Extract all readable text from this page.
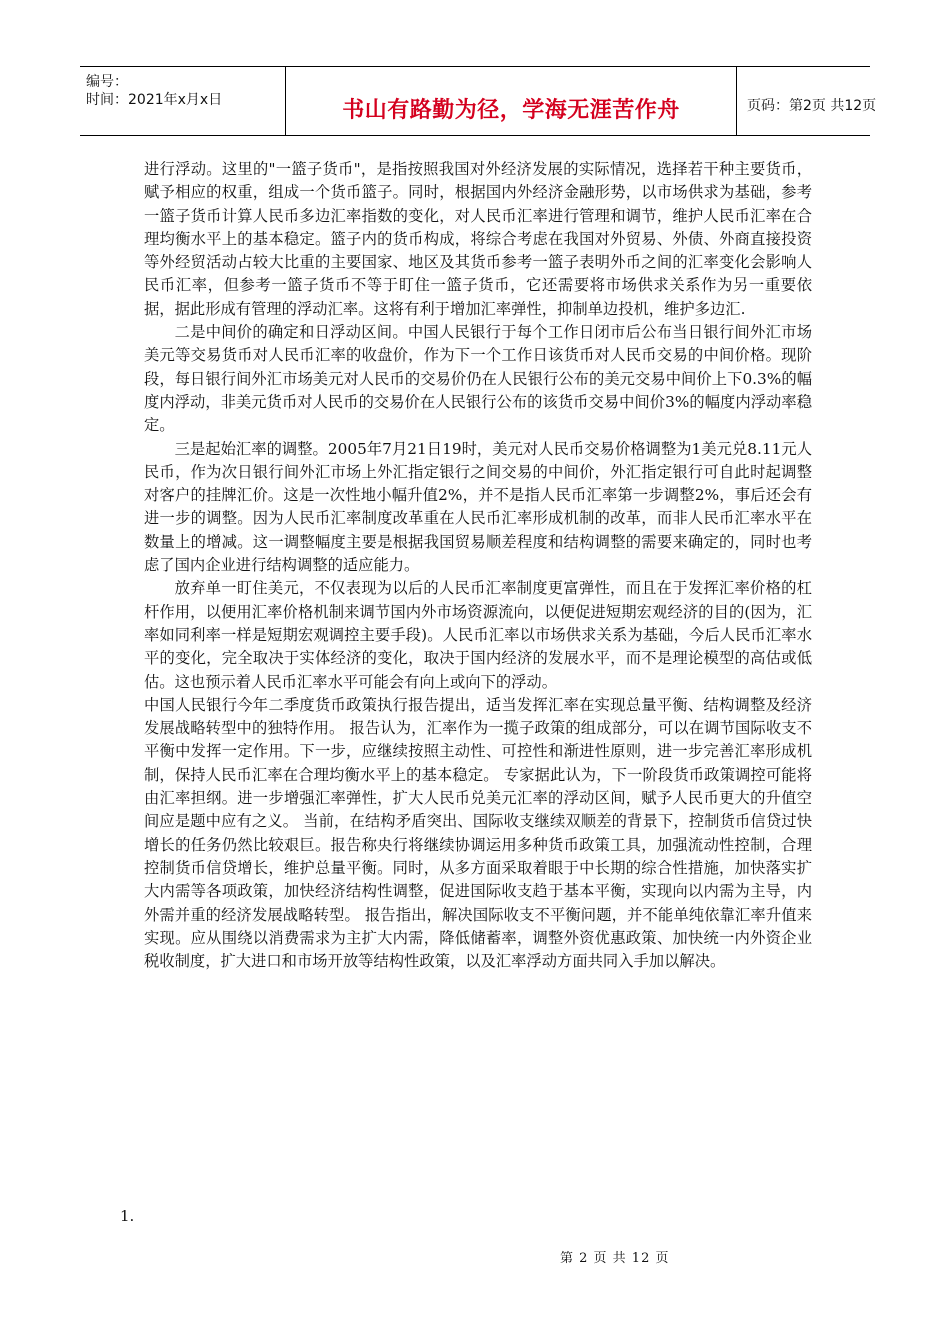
编号：
时间：2021年x月x日	书山有路勤为径，学海无涯苦作舟	页码：第2页 共12页

进行浮动。这里的"一篮子货币"，是指按照我国对外经济发展的实际情况，选择若干种主要货币，赋予相应的权重，组成一个货币篮子。同时，根据国内外经济金融形势，以市场供求为基础，参考一篮子货币计算人民币多边汇率指数的变化，对人民币汇率进行管理和调节，维护人民币汇率在合理均衡水平上的基本稳定。篮子内的货币构成，将综合考虑在我国对外贸易、外债、外商直接投资等外经贸活动占较大比重的主要国家、地区及其货币参考一篮子表明外币之间的汇率变化会影响人民币汇率，但参考一篮子货币不等于盯住一篮子货币，它还需要将市场供求关系作为另一重要依据，据此形成有管理的浮动汇率。这将有利于增加汇率弹性，抑制单边投机，维护多边汇.

二是中间价的确定和日浮动区间。中国人民银行于每个工作日闭市后公布当日银行间外汇市场美元等交易货币对人民币汇率的收盘价，作为下一个工作日该货币对人民币交易的中间价格。现阶段，每日银行间外汇市场美元对人民币的交易价仍在人民银行公布的美元交易中间价上下0.3%的幅度内浮动，非美元货币对人民币的交易价在人民银行公布的该货币交易中间价3%的幅度内浮动率稳定。

三是起始汇率的调整。2005年7月21日19时，美元对人民币交易价格调整为1美元兑8.11元人民币，作为次日银行间外汇市场上外汇指定银行之间交易的中间价，外汇指定银行可自此时起调整对客户的挂牌汇价。这是一次性地小幅升值2%，并不是指人民币汇率第一步调整2%，事后还会有进一步的调整。因为人民币汇率制度改革重在人民币汇率形成机制的改革，而非人民币汇率水平在数量上的增减。这一调整幅度主要是根据我国贸易顺差程度和结构调整的需要来确定的，同时也考虑了国内企业进行结构调整的适应能力。

放弃单一盯住美元，不仅表现为以后的人民币汇率制度更富弹性，而且在于发挥汇率价格的杠杆作用，以便用汇率价格机制来调节国内外市场资源流向，以便促进短期宏观经济的目的(因为，汇率如同利率一样是短期宏观调控主要手段)。人民币汇率以市场供求关系为基础，今后人民币汇率水平的变化，完全取决于实体经济的变化，取决于国内经济的发展水平，而不是理论模型的高估或低估。这也预示着人民币汇率水平可能会有向上或向下的浮动。

中国人民银行今年二季度货币政策执行报告提出，适当发挥汇率在实现总量平衡、结构调整及经济发展战略转型中的独特作用。 报告认为，汇率作为一揽子政策的组成部分，可以在调节国际收支不平衡中发挥一定作用。下一步，应继续按照主动性、可控性和渐进性原则，进一步完善汇率形成机制，保持人民币汇率在合理均衡水平上的基本稳定。 专家据此认为，下一阶段货币政策调控可能将由汇率担纲。进一步增强汇率弹性，扩大人民币兑美元汇率的浮动区间，赋予人民币更大的升值空间应是题中应有之义。 当前，在结构矛盾突出、国际收支继续双顺差的背景下，控制货币信贷过快增长的任务仍然比较艰巨。报告称央行将继续协调运用多种货币政策工具，加强流动性控制，合理控制货币信贷增长，维护总量平衡。同时，从多方面采取着眼于中长期的综合性措施，加快落实扩大内需等各项政策，加快经济结构性调整，促进国际收支趋于基本平衡，实现向以内需为主导，内外需并重的经济发展战略转型。 报告指出，解决国际收支不平衡问题，并不能单纯依靠汇率升值来实现。应从围绕以消费需求为主扩大内需，降低储蓄率，调整外资优惠政策、加快统一内外资企业税收制度，扩大进口和市场开放等结构性政策，以及汇率浮动方面共同入手加以解决。

1.
第 2 页 共 12 页
